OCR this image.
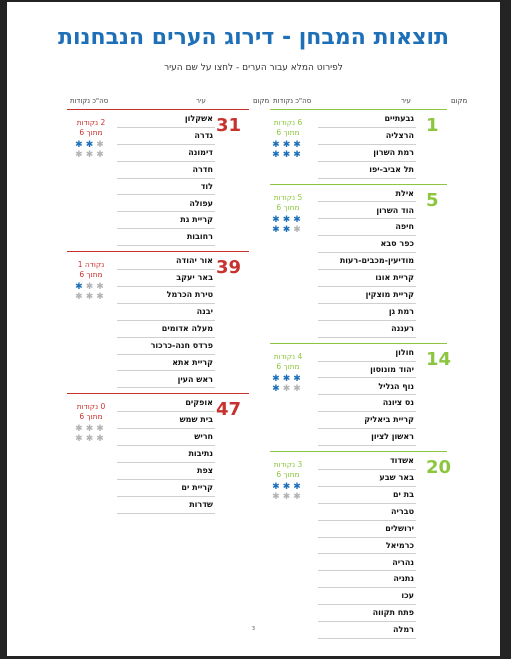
תוצאות המבחן - דירוג הערים הנבחנות
לפירוט המלא עבור הערים - לחצו על שם העיר
מקום
עיר
סה"כ נקודות
מקום
עיר
סה"כ נקודות
3
1
6 נקודות
מתוך 6
✱✱✱
✱✱✱
גבעתיים
הרצליה
רמת השרון
תל אביב-יפו
5
5 נקודות
מתוך 6
✱✱✱
✱✱✱
אילת
הוד השרון
חיפה
כפר סבא
מודיעין-מכבים-רעות
קריית אונו
קריית מוצקין
רמת גן
רעננה
14
4 נקודות
מתוך 6
✱✱✱
✱✱✱
חולון
יהוד מונוסון
נוף הגליל
נס ציונה
קריית ביאליק
ראשון לציון
20
3 נקודות
מתוך 6
✱✱✱
✱✱✱
אשדוד
באר שבע
בת ים
טבריה
ירושלים
כרמיאל
נהריה
נתניה
עכו
פתח תקווה
רמלה
31
2 נקודות
מתוך 6
✱✱✱
✱✱✱
אשקלון
גדרה
דימונה
חדרה
לוד
עפולה
קריית גת
רחובות
39
נקודה 1
מתוך 6
✱✱✱
✱✱✱
אור יהודה
באר יעקב
טירת הכרמל
יבנה
מעלה אדומים
פרדס חנה-כרכור
קריית אתא
ראש העין
47
0 נקודות
מתוך 6
✱✱✱
✱✱✱
אופקים
בית שמש
חריש
נתיבות
צפת
קריית ים
שדרות
